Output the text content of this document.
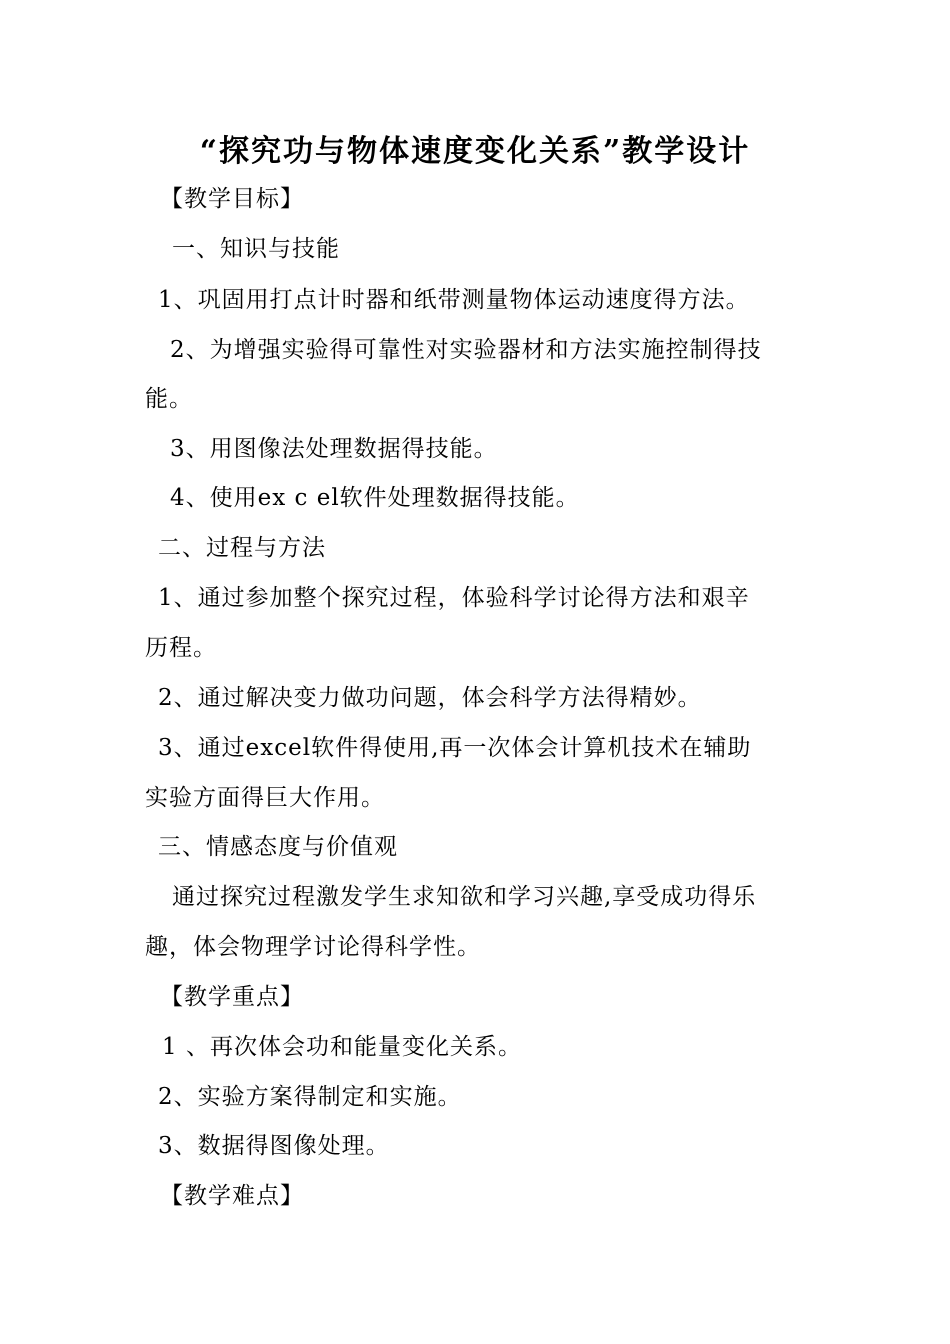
“探究功与物体速度变化关系”教学设计
【教学目标】
一、知识与技能
1、巩固用打点计时器和纸带测量物体运动速度得方法。
2、为增强实验得可靠性对实验器材和方法实施控制得技
能。
3、用图像法处理数据得技能。
4、使用ex c el软件处理数据得技能。
二、过程与方法
1、通过参加整个探究过程，体验科学讨论得方法和艰辛
历程。
2、通过解决变力做功问题，体会科学方法得精妙。
3、通过excel软件得使用,再一次体会计算机技术在辅助
实验方面得巨大作用。
三、情感态度与价值观
通过探究过程激发学生求知欲和学习兴趣,享受成功得乐
趣，体会物理学讨论得科学性。
【教学重点】
1 、再次体会功和能量变化关系。
2、实验方案得制定和实施。
3、数据得图像处理。
【教学难点】
